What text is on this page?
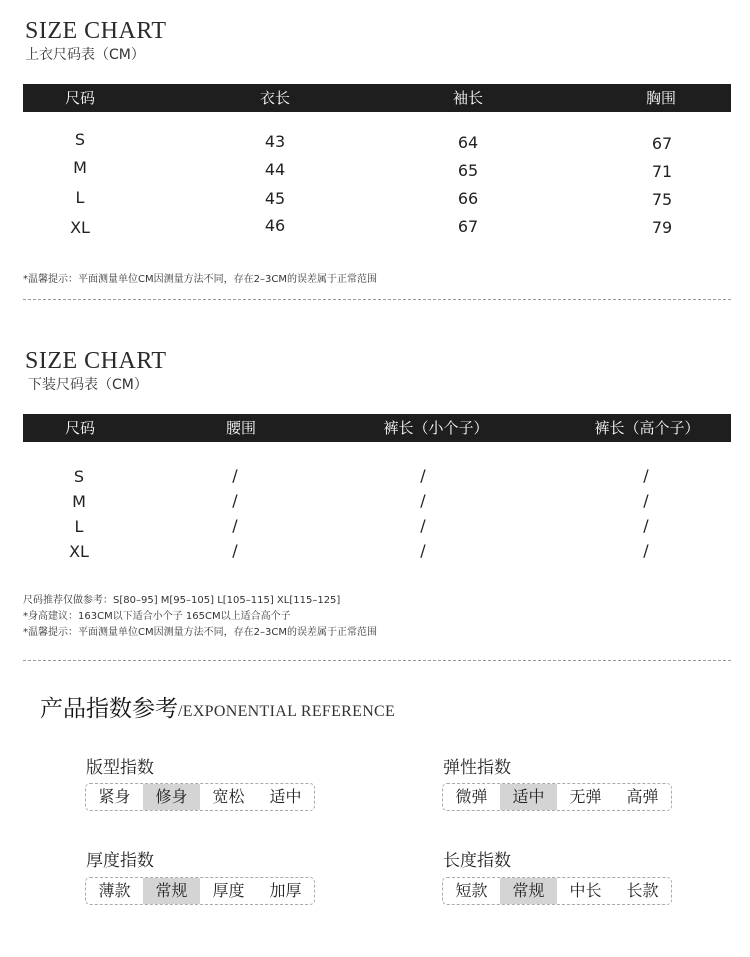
SIZE CHART
上衣尺码表（CM）
尺码	衣长	袖长	胸围
S	43	64	67
M	44	65	71
L	45	66	75
XL	46	67	79
*温馨提示：平面测量单位CM因测量方法不同，存在2–3CM的误差属于正常范围
SIZE CHART
下装尺码表（CM）
尺码	腰围	裤长（小个子）	裤长（高个子）
S	/	/	/
M	/	/	/
L	/	/	/
XL	/	/	/
尺码推荐仅做参考：S[80–95] M[95–105] L[105–115] XL[115–125]
*身高建议：163CM以下适合小个子 165CM以上适合高个子
*温馨提示：平面测量单位CM因测量方法不同，存在2–3CM的误差属于正常范围
产品指数参考/EXPONENTIAL REFERENCE
版型指数
紧身	修身	宽松	适中
弹性指数
微弹	适中	无弹	高弹
厚度指数
薄款	常规	厚度	加厚
长度指数
短款	常规	中长	长款
